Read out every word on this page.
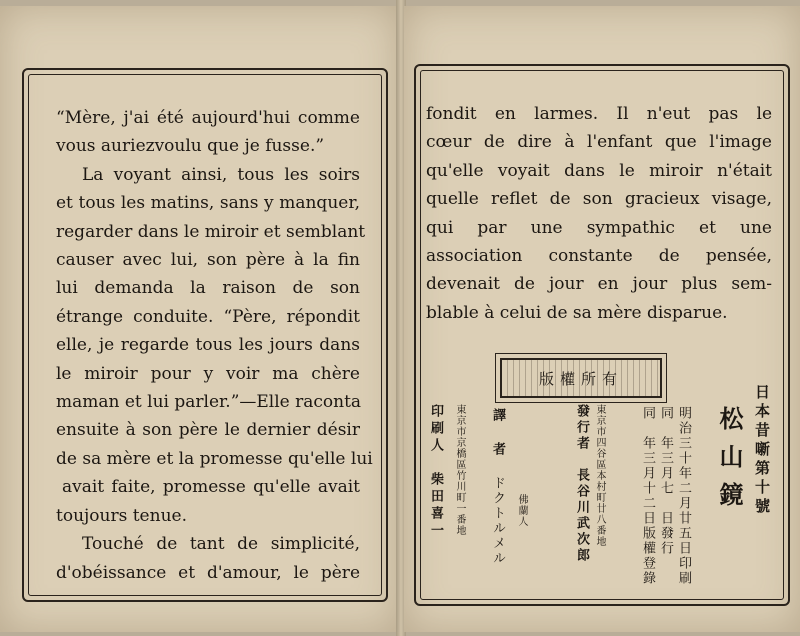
“Mère, j'ai été aujourd'hui comme
vous auriezvoulu que je fusse.”
La voyant ainsi, tous les soirs
et tous les matins, sans y manquer,
regarder dans le miroir et semblant
causer avec lui, son père à la fin
lui demanda la raison de son
étrange conduite. “Père, répondit
elle, je regarde tous les jours dans
le miroir pour y voir ma chère
maman et lui parler.”—Elle raconta
ensuite à son père le dernier désir
de sa mère et la promesse qu'elle lui
avait faite, promesse qu'elle avait
toujours tenue.
Touché de tant de simplicité,
d'obéissance et d'amour, le père
fondit en larmes. Il n'eut pas le
cœur de dire à l'enfant que l'image
qu'elle voyait dans le miroir n'était
quelle reflet de son gracieux visage,
qui par une sympathic et une
association constante de pensée,
devenait de jour en jour plus sem-
blable à celui de sa mère disparue.
版權所有
日本昔噺第十號
松山鏡
明治三十年二月廿五日印刷
同　年三月七　日發行
同　年三月十二日版權登錄
東京市四谷區本村町廿八番地
發行者　長谷川武次郎
佛蘭人
譯　者
ドクトルメル
東京市京橋區竹川町一番地
印刷人　柴田喜一
